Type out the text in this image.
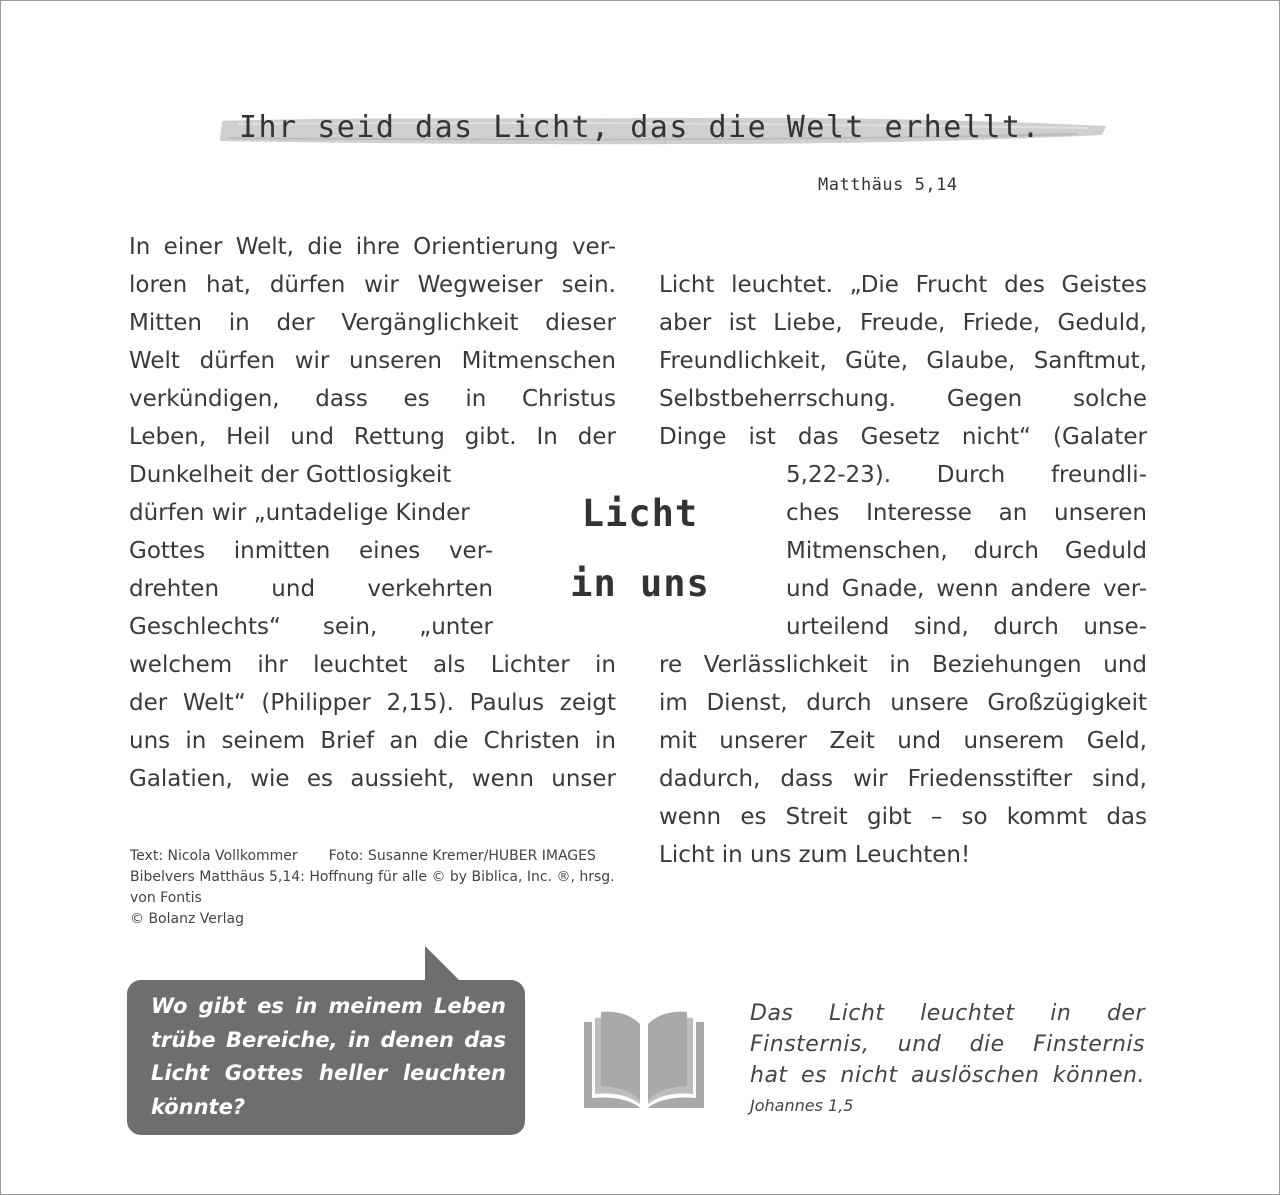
Ihr seid das Licht, das die Welt erhellt.
Matthäus 5,14
In einer Welt, die ihre Orientierung ver-
loren hat, dürfen wir Wegweiser sein.
Mitten in der Vergänglichkeit dieser
Welt dürfen wir unseren Mitmenschen
verkündigen, dass es in Christus
Leben, Heil und Rettung gibt. In der
Dunkelheit der Gottlosigkeit
dürfen wir „untadelige Kinder
Gottes inmitten eines ver-
drehten und verkehrten
Geschlechts“ sein, „unter
welchem ihr leuchtet als Lichter in
der Welt“ (Philipper 2,15). Paulus zeigt
uns in seinem Brief an die Christen in
Galatien, wie es aussieht, wenn unser
Licht
in uns
Licht leuchtet. „Die Frucht des Geistes
aber ist Liebe, Freude, Friede, Geduld,
Freundlichkeit, Güte, Glaube, Sanftmut,
Selbstbeherrschung. Gegen solche
Dinge ist das Gesetz nicht“ (Galater
5,22-23). Durch freundli-
ches Interesse an unseren
Mitmenschen, durch Geduld
und Gnade, wenn andere ver-
urteilend sind, durch unse-
re Verlässlichkeit in Beziehungen und
im Dienst, durch unsere Großzügigkeit
mit unserer Zeit und unserem Geld,
dadurch, dass wir Friedensstifter sind,
wenn es Streit gibt – so kommt das
Licht in uns zum Leuchten!
Text: Nicola Vollkommer Foto: Susanne Kremer/HUBER IMAGES
Bibelvers Matthäus 5,14: Hoffnung für alle © by Biblica, Inc. ®, hrsg.
von Fontis
© Bolanz Verlag
Wo gibt es in meinem Leben
trübe Bereiche, in denen das
Licht Gottes heller leuchten
könnte?
Das Licht leuchtet in der
Finsternis, und die Finsternis
hat es nicht auslöschen können.
Johannes 1,5
